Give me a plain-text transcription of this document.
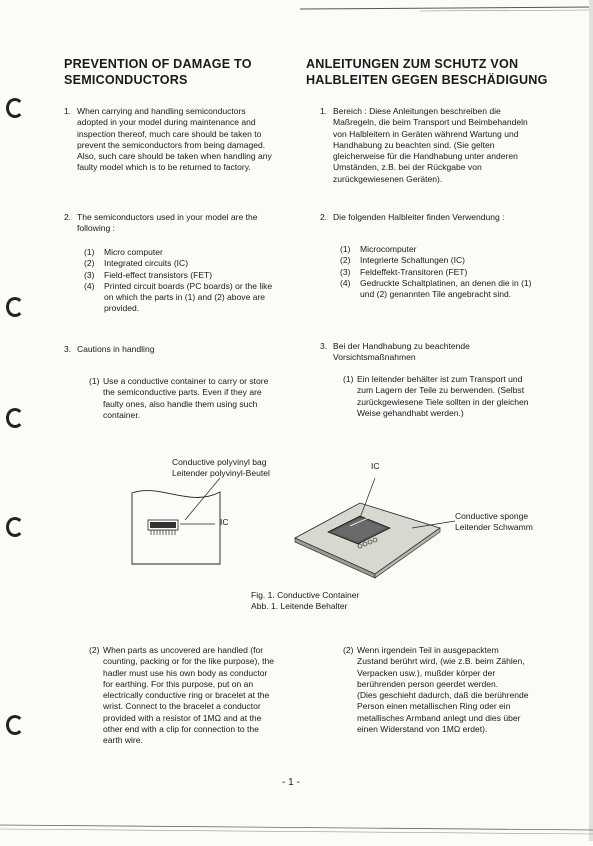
PREVENTION OF DAMAGE TO
SEMICONDUCTORS
1. When carrying and handling semiconductors
adopted in your model during maintenance and
inspection thereof, much care should be taken to
prevent the semiconductors from being damaged.
Also, such care should be taken when handling any
faulty model which is to be returned to factory.
2. The semiconductors used in your model are the
following :
(1) Micro computer
(2) Integrated circuits (IC)
(3) Field-effect transistors (FET)
(4) Printed circuit boards (PC boards) or the like
on which the parts in (1) and (2) above are
provided.
3. Cautions in handling
(1) Use a conductive container to carry or store
the semiconductive parts. Even if they are
faulty ones, also handle them using such
container.
Conductive polyvinyl bag
Leitender polyvinyl-Beutel
IC
IC
Conductive sponge
Leitender Schwamm
Fig. 1. Conductive Container
Abb. 1. Leitende Behalter
(2) When parts as uncovered are handled (for
counting, packing or for the like purpose), the
hadler must use his own body as conductor
for earthing. For this purpose, put on an
electrically conductive ring or bracelet at the
wrist. Connect to the bracelet a conductor
provided with a resistor of 1MΩ and at the
other end with a clip for connection to the
earth wire.
ANLEITUNGEN ZUM SCHUTZ VON
HALBLEITEN GEGEN BESCHÄDIGUNG
1. Bereich : Diese Anleitungen beschreiben die
Maßregeln, die beim Transport und Beimbehandeln
von Halbleitern in Geräten während Wartung und
Handhabung zu beachten sind. (Sie gelten
gleicherweise für die Handhabung unter anderen
Umständen, z.B. bei der Rückgabe von
zurückgewiesenen Geräten).
2. Die folgenden Halbleiter finden Verwendung :
(1) Microcomputer
(2) Integrierte Schaltungen (IC)
(3) Feldeffekt-Transitoren (FET)
(4) Gedruckte Schaltplatinen, an denen die in (1)
und (2) genannten Tile angebracht sind.
3. Bei der Handhabung zu beachtende
Vorsichtsmaßnahmen
(1) Ein leitender behälter ist zum Transport und
zum Lagern der Teile zu berwenden. (Selbst
zurückgewiesene Tiele sollten in der gleichen
Weise gehandhabt werden.)
(2) Wenn irgendein Teil in ausgepacktem
Zustand berührt wird, (wie z.B. beim Zählen,
Verpacken usw.), mußder körper der
berührenden person geerdet werden.
(Dies geschieht dadurch, daß die berührende
Person einen metallischen Ring oder ein
metallisches Armband anlegt und dies über
einen Widerstand von 1MΩ erdet).
- 1 -
